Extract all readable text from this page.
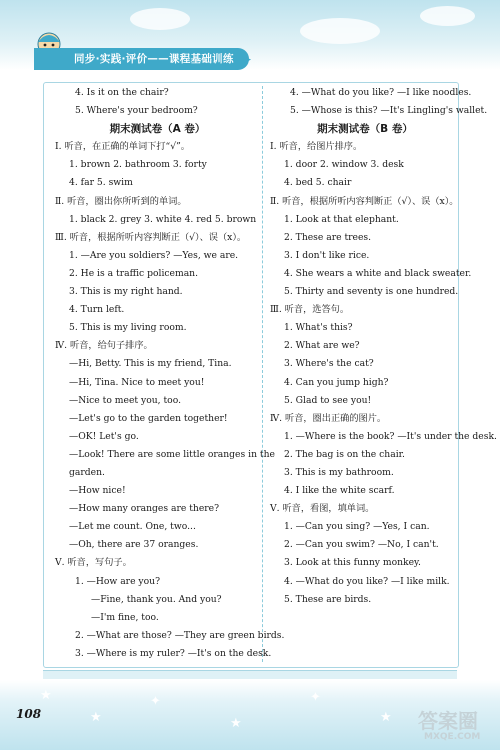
同步·实践·评价——课程基础训练 ➤
4. Is it on the chair?
5. Where's your bedroom?
期末测试卷（A 卷）
Ⅰ. 听音，在正确的单词下打“√”。
1. brown 2. bathroom 3. forty
4. far 5. swim
Ⅱ. 听音，圈出你所听到的单词。
1. black 2. grey 3. white 4. red 5. brown
Ⅲ. 听音，根据所听内容判断正（√）、误（x）。
1. —Are you soldiers? —Yes, we are.
2. He is a traffic policeman.
3. This is my right hand.
4. Turn left.
5. This is my living room.
Ⅳ. 听音，给句子排序。
—Hi, Betty. This is my friend, Tina.
—Hi, Tina. Nice to meet you!
—Nice to meet you, too.
—Let's go to the garden together!
—OK! Let's go.
—Look! There are some little oranges in the
garden.
—How nice!
—How many oranges are there?
—Let me count. One, two...
—Oh, there are 37 oranges.
Ⅴ. 听音，写句子。
1. —How are you?
—Fine, thank you. And you?
—I'm fine, too.
2. —What are those? —They are green birds.
3. —Where is my ruler? —It's on the desk.
4. —What do you like? —I like noodles.
5. —Whose is this? —It's Lingling's wallet.
期末测试卷（B 卷）
Ⅰ. 听音，给图片排序。
1. door 2. window 3. desk
4. bed 5. chair
Ⅱ. 听音，根据所听内容判断正（√）、误（x）。
1. Look at that elephant.
2. These are trees.
3. I don't like rice.
4. She wears a white and black sweater.
5. Thirty and seventy is one hundred.
Ⅲ. 听音，选答句。
1. What's this?
2. What are we?
3. Where's the cat?
4. Can you jump high?
5. Glad to see you!
Ⅳ. 听音，圈出正确的图片。
1. —Where is the book? —It's under the desk.
2. The bag is on the chair.
3. This is my bathroom.
4. I like the white scarf.
Ⅴ. 听音，看图，填单词。
1. —Can you sing? —Yes, I can.
2. —Can you swim? —No, I can't.
3. Look at this funny monkey.
4. —What do you like? —I like milk.
5. These are birds.
★
★
✦
★
✦
★
108	答案圈
MXQE.COM
